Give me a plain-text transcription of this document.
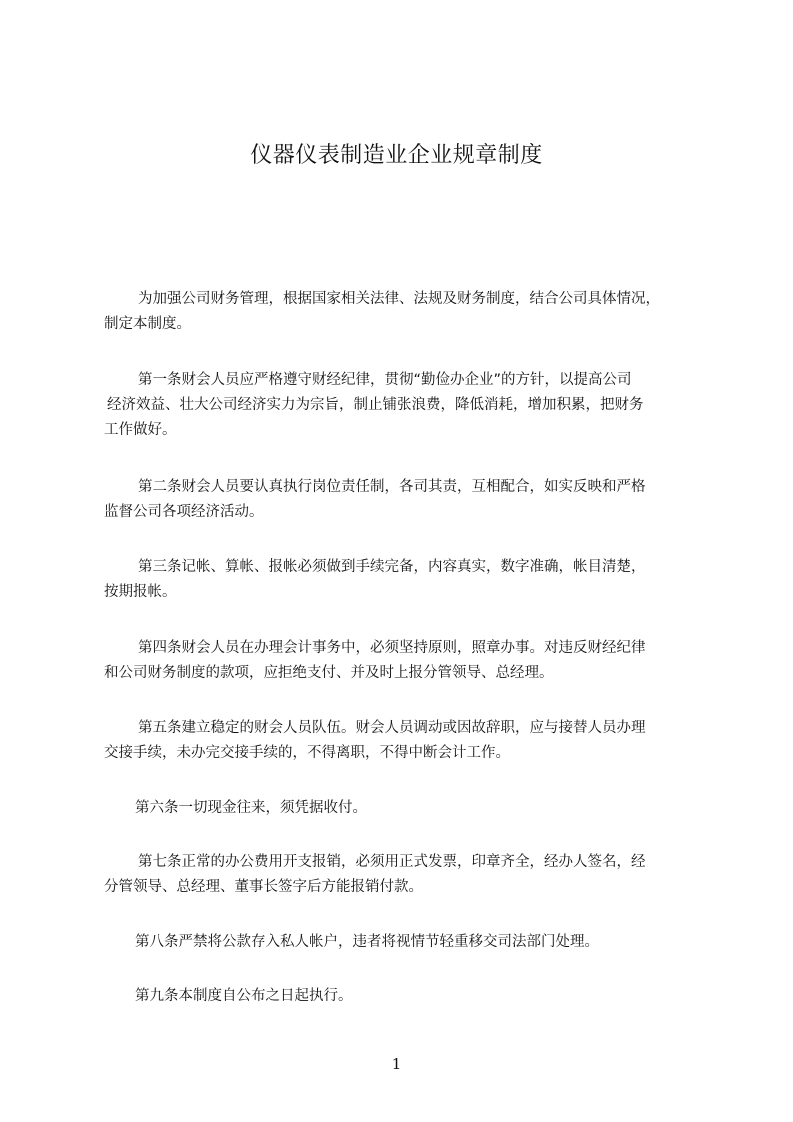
仪器仪表制造业企业规章制度
为加强公司财务管理，根据国家相关法律、法规及财务制度，结合公司具体情况，
制定本制度。
第一条财会人员应严格遵守财经纪律，贯彻“勤俭办企业”的方针，以提高公司
经济效益、壮大公司经济实力为宗旨，制止铺张浪费，降低消耗，增加积累，把财务
工作做好。
第二条财会人员要认真执行岗位责任制，各司其责，互相配合，如实反映和严格
监督公司各项经济活动。
第三条记帐、算帐、报帐必须做到手续完备，内容真实，数字准确，帐目清楚，
按期报帐。
第四条财会人员在办理会计事务中，必须坚持原则，照章办事。对违反财经纪律
和公司财务制度的款项，应拒绝支付、并及时上报分管领导、总经理。
第五条建立稳定的财会人员队伍。财会人员调动或因故辞职，应与接替人员办理
交接手续，未办完交接手续的，不得离职，不得中断会计工作。
第六条一切现金往来，须凭据收付。
第七条正常的办公费用开支报销，必须用正式发票，印章齐全，经办人签名，经
分管领导、总经理、董事长签字后方能报销付款。
第八条严禁将公款存入私人帐户，违者将视情节轻重移交司法部门处理。
第九条本制度自公布之日起执行。
1
